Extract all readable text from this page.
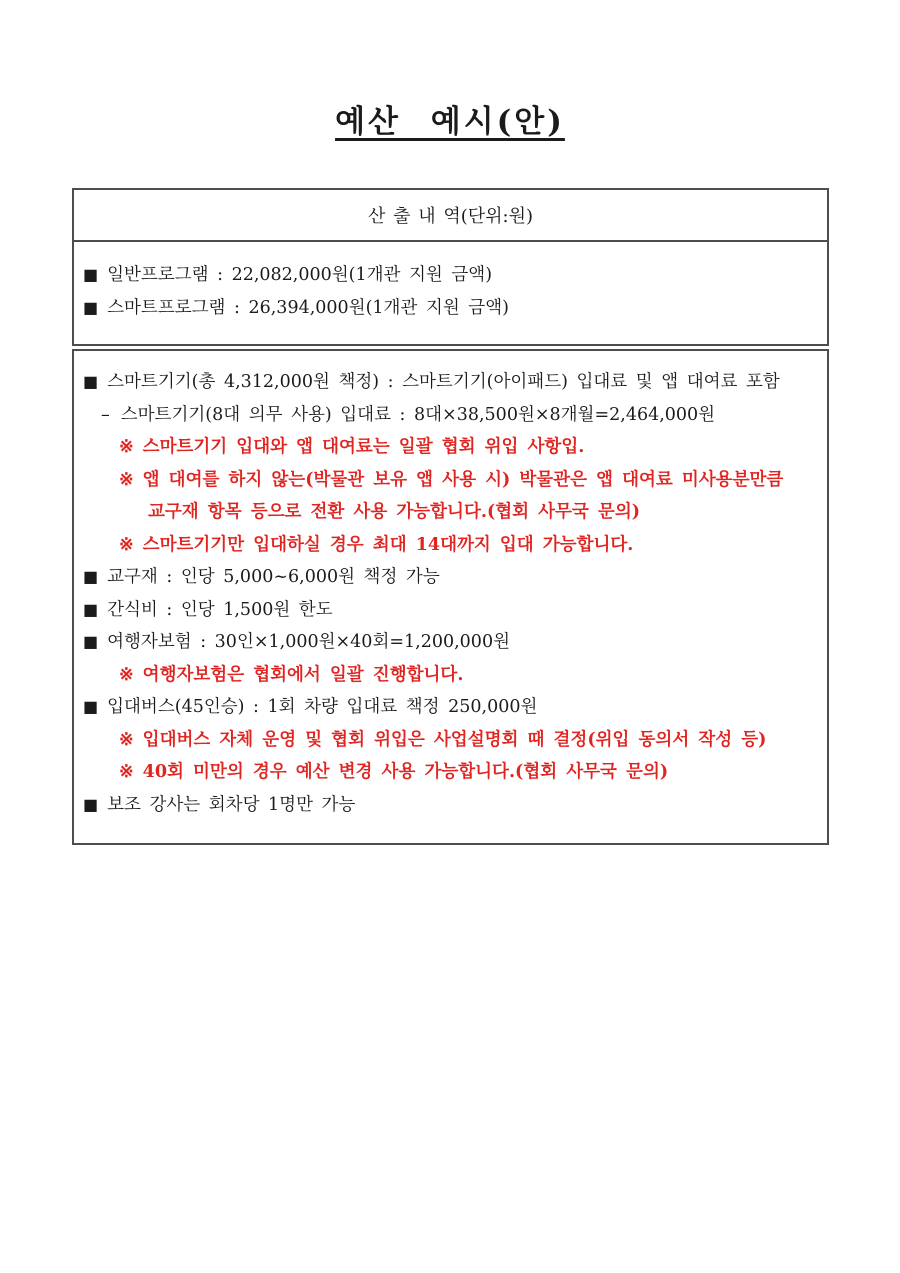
예산 예시(안)
산 출 내 역(단위:원)
■ 일반프로그램 : 22,082,000원(1개관 지원 금액)
■ 스마트프로그램 : 26,394,000원(1개관 지원 금액)
■ 스마트기기(총 4,312,000원 책정) : 스마트기기(아이패드) 입대료 및 앱 대여료 포함
– 스마트기기(8대 의무 사용) 입대료 : 8대×38,500원×8개월=2,464,000원
※ 스마트기기 입대와 앱 대여료는 일괄 협회 위입 사항입.
※ 앱 대여를 하지 않는(박물관 보유 앱 사용 시) 박물관은 앱 대여료 미사용분만큼
교구재 항목 등으로 전환 사용 가능합니다.(협회 사무국 문의)
※ 스마트기기만 입대하실 경우 최대 14대까지 입대 가능합니다.
■ 교구재 : 인당 5,000~6,000원 책정 가능
■ 간식비 : 인당 1,500원 한도
■ 여행자보험 : 30인×1,000원×40회=1,200,000원
※ 여행자보험은 협회에서 일괄 진행합니다.
■ 입대버스(45인승) : 1회 차량 입대료 책정 250,000원
※ 입대버스 자체 운영 및 협회 위입은 사업설명회 때 결정(위입 동의서 작성 등)
※ 40회 미만의 경우 예산 변경 사용 가능합니다.(협회 사무국 문의)
■ 보조 강사는 회차당 1명만 가능
